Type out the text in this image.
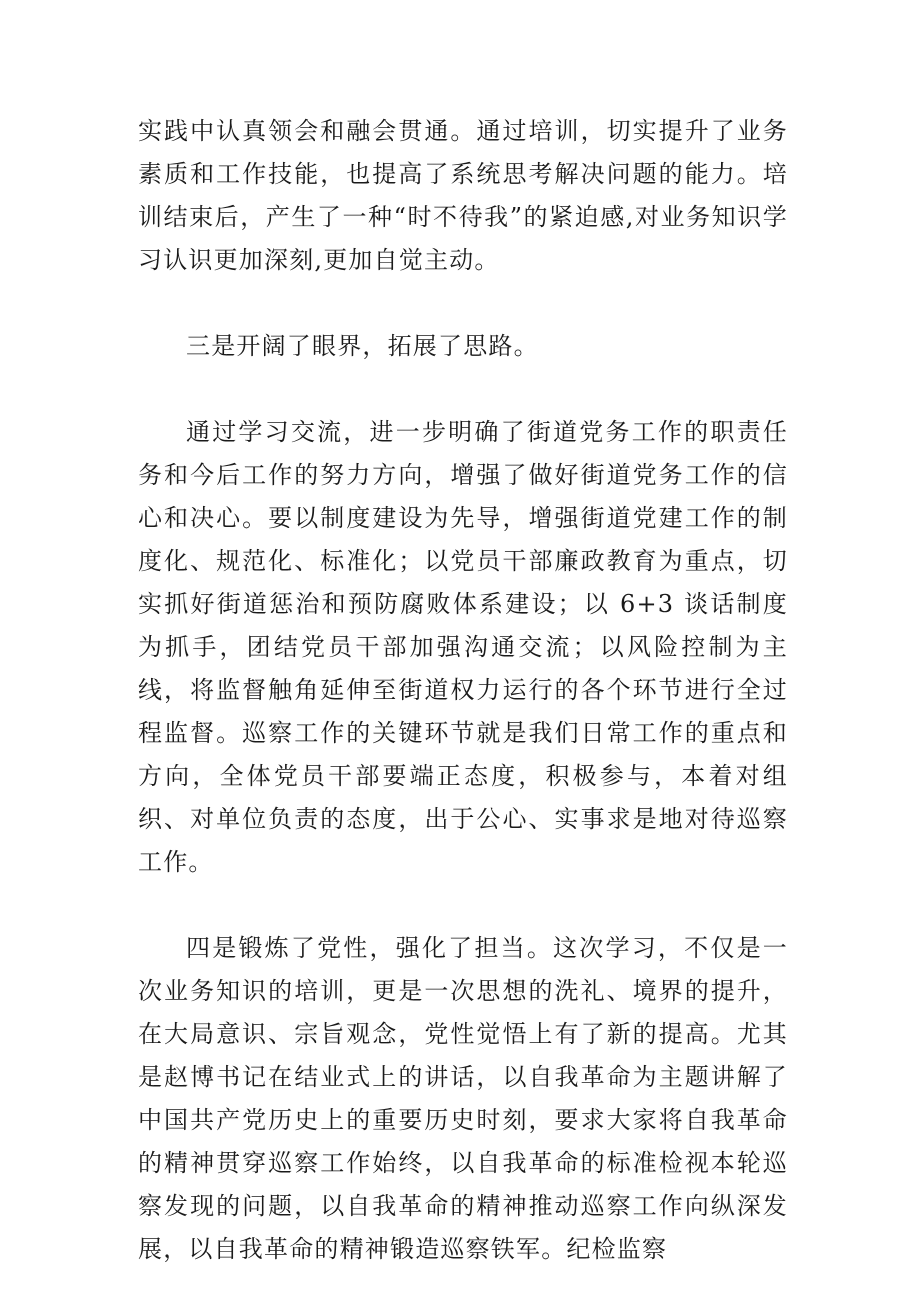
实践中认真领会和融会贯通。通过培训，切实提升了业务素质和工作技能，也提高了系统思考解决问题的能力。培训结束后，产生了一种“时不待我”的紧迫感,对业务知识学习认识更加深刻,更加自觉主动。

三是开阔了眼界，拓展了思路。

通过学习交流，进一步明确了街道党务工作的职责任务和今后工作的努力方向，增强了做好街道党务工作的信心和决心。要以制度建设为先导，增强街道党建工作的制度化、规范化、标准化；以党员干部廉政教育为重点，切实抓好街道惩治和预防腐败体系建设；以 6+3 谈话制度为抓手，团结党员干部加强沟通交流；以风险控制为主线，将监督触角延伸至街道权力运行的各个环节进行全过程监督。巡察工作的关键环节就是我们日常工作的重点和方向，全体党员干部要端正态度，积极参与，本着对组织、对单位负责的态度，出于公心、实事求是地对待巡察工作。

四是锻炼了党性，强化了担当。这次学习，不仅是一次业务知识的培训，更是一次思想的洗礼、境界的提升，在大局意识、宗旨观念，党性觉悟上有了新的提高。尤其是赵博书记在结业式上的讲话，以自我革命为主题讲解了中国共产党历史上的重要历史时刻，要求大家将自我革命的精神贯穿巡察工作始终，以自我革命的标准检视本轮巡察发现的问题，以自我革命的精神推动巡察工作向纵深发展，以自我革命的精神锻造巡察铁军。纪检监察
